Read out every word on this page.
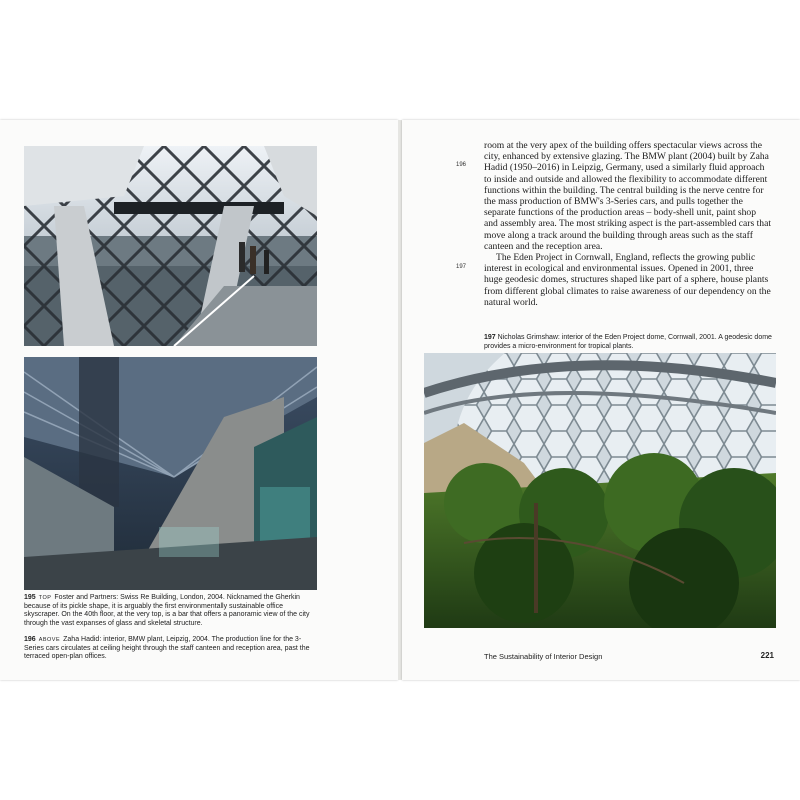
195 TOP Foster and Partners: Swiss Re Building, London, 2004. Nicknamed the Gherkin because of its pickle shape, it is arguably the first environmentally sustainable office skyscraper. On the 40th floor, at the very top, is a bar that offers a panoramic view of the city through the vast expanses of glass and skeletal structure.
196 ABOVE Zaha Hadid: interior, BMW plant, Leipzig, 2004. The production line for the 3-Series cars circulates at ceiling height through the staff canteen and reception area, past the terraced open-plan offices.
196
197

room at the very apex of the building offers spectacular views across the city, enhanced by extensive glazing. The BMW plant (2004) built by Zaha Hadid (1950–2016) in Leipzig, Germany, used a similarly fluid approach to inside and outside and allowed the flexibility to accommodate different functions within the building. The central building is the nerve centre for the mass production of BMW's 3-Series cars, and pulls together the separate functions of the production areas – body-shell unit, paint shop and assembly area. The most striking aspect is the part-assembled cars that move along a track around the building through areas such as the staff canteen and the reception area.

The Eden Project in Cornwall, England, reflects the growing public interest in ecological and environmental issues. Opened in 2001, three huge geodesic domes, structures shaped like part of a sphere, house plants from different global climates to raise awareness of our dependency on the natural world.

197 Nicholas Grimshaw: interior of the Eden Project dome, Cornwall, 2001. A geodesic dome provides a micro-environment for tropical plants.
The Sustainability of Interior Design	221
